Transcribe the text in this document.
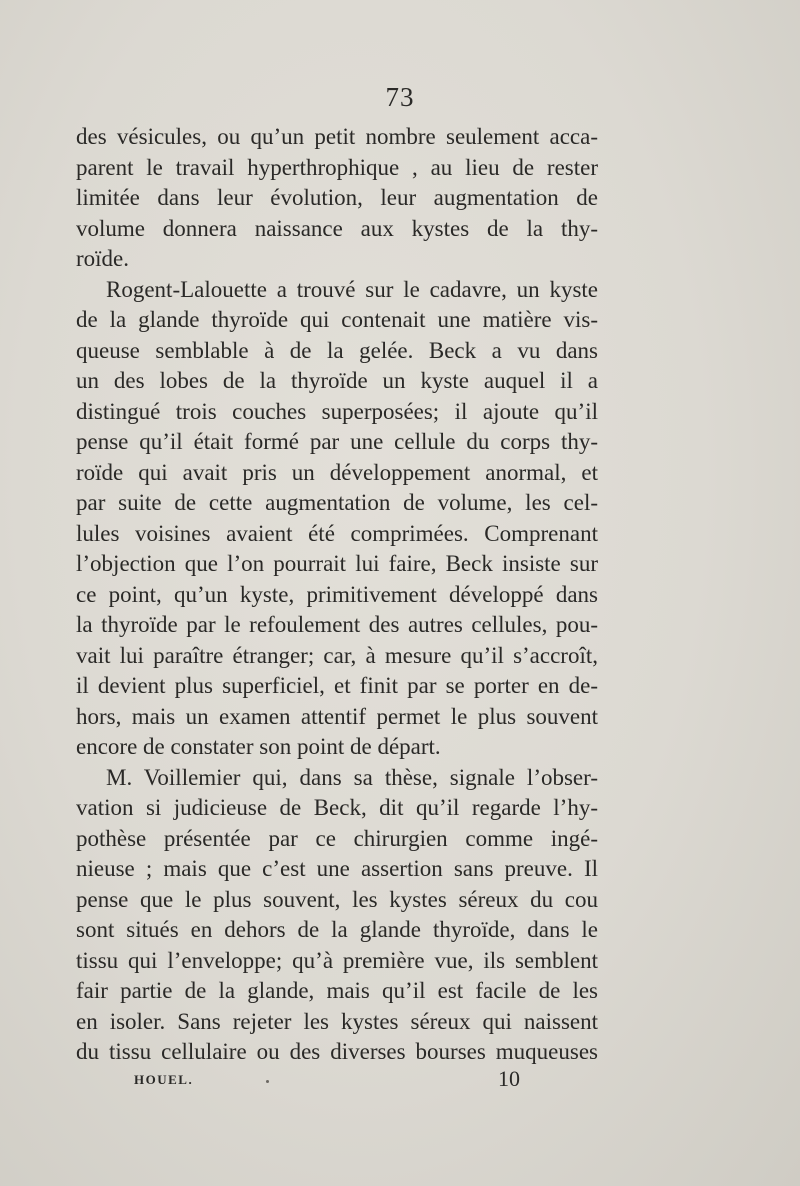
73
des vésicules, ou qu’un petit nombre seulement acca-
parent le travail hyperthrophique , au lieu de rester
limitée dans leur évolution, leur augmentation de
volume donnera naissance aux kystes de la thy-
roïde.
Rogent-Lalouette a trouvé sur le cadavre, un kyste
de la glande thyroïde qui contenait une matière vis-
queuse semblable à de la gelée. Beck a vu dans
un des lobes de la thyroïde un kyste auquel il a
distingué trois couches superposées; il ajoute qu’il
pense qu’il était formé par une cellule du corps thy-
roïde qui avait pris un développement anormal, et
par suite de cette augmentation de volume, les cel-
lules voisines avaient été comprimées. Comprenant
l’objection que l’on pourrait lui faire, Beck insiste sur
ce point, qu’un kyste, primitivement développé dans
la thyroïde par le refoulement des autres cellules, pou-
vait lui paraître étranger; car, à mesure qu’il s’accroît,
il devient plus superficiel, et finit par se porter en de-
hors, mais un examen attentif permet le plus souvent
encore de constater son point de départ.
M. Voillemier qui, dans sa thèse, signale l’obser-
vation si judicieuse de Beck, dit qu’il regarde l’hy-
pothèse présentée par ce chirurgien comme ingé-
nieuse ; mais que c’est une assertion sans preuve. Il
pense que le plus souvent, les kystes séreux du cou
sont situés en dehors de la glande thyroïde, dans le
tissu qui l’enveloppe; qu’à première vue, ils semblent
fair partie de la glande, mais qu’il est facile de les
en isoler. Sans rejeter les kystes séreux qui naissent
du tissu cellulaire ou des diverses bourses muqueuses
HOUEL.	10
